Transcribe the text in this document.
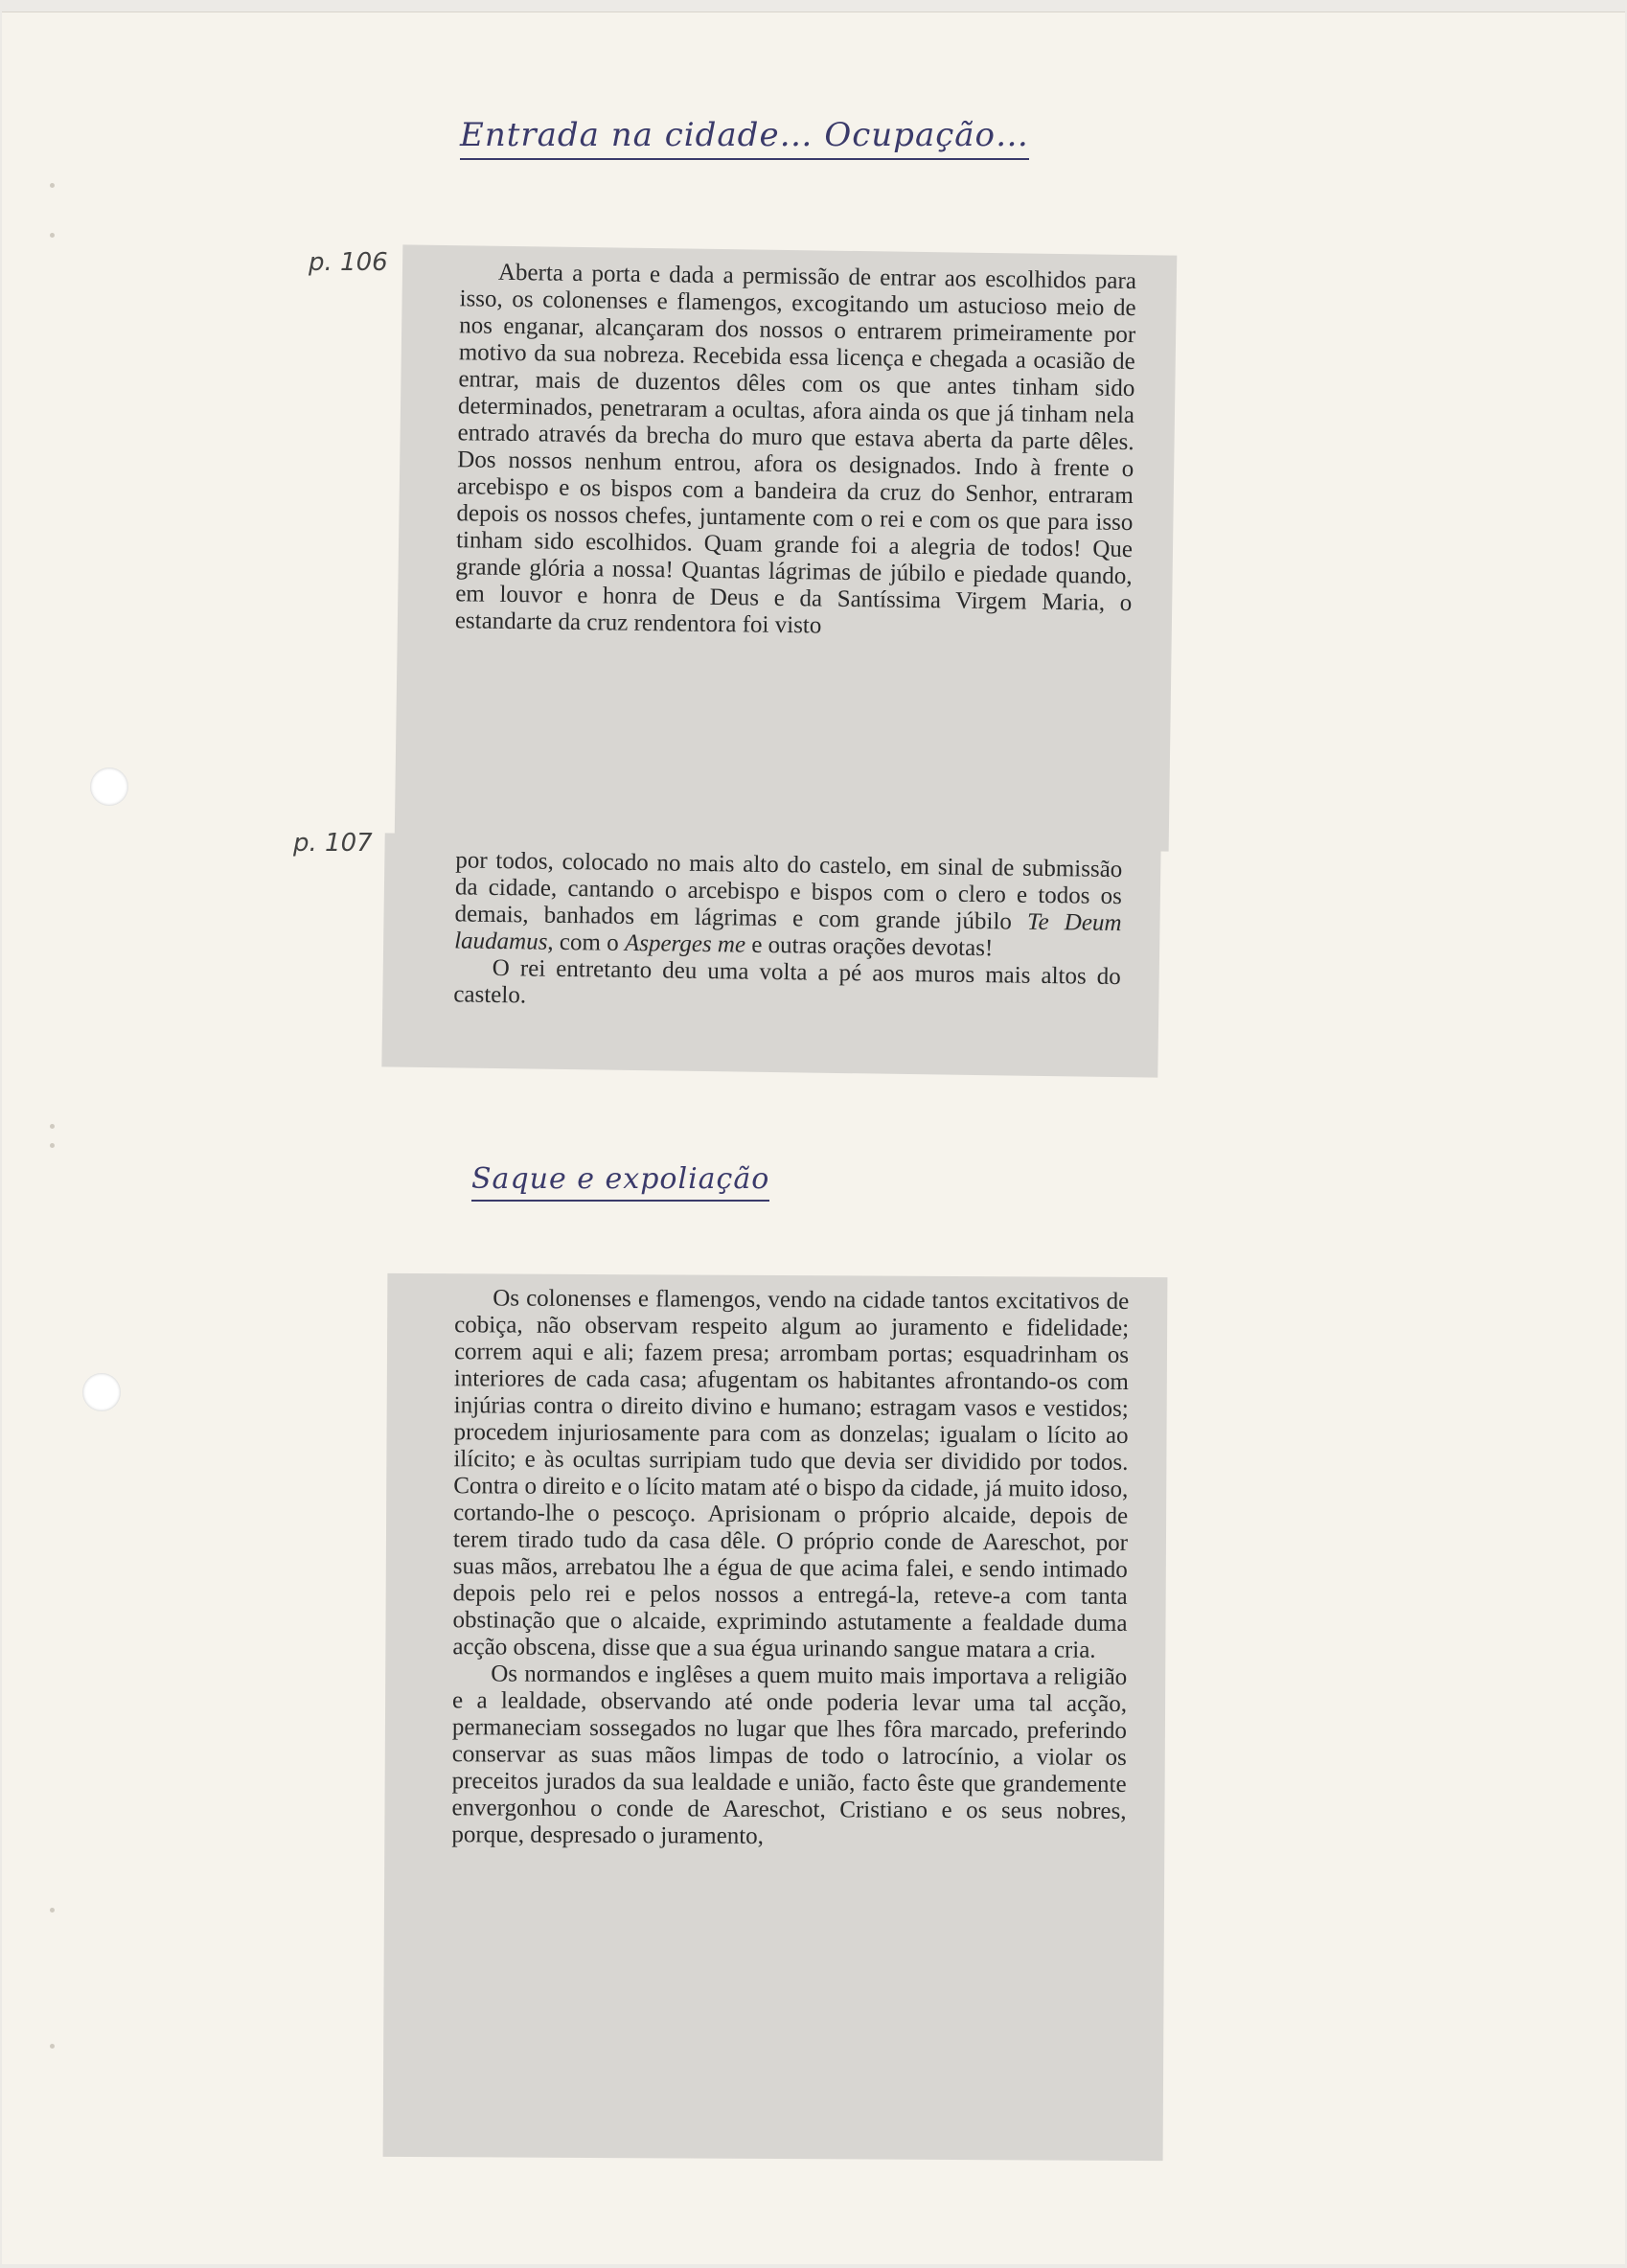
Entrada na cidade… Ocupação…
Saque e expoliação
p. 106
p. 107

Aberta a porta e dada a permissão de entrar aos escolhidos para isso, os colonenses e flamengos, excogitando um astucioso meio de nos enganar, alcançaram dos nossos o entrarem primeiramente por motivo da sua nobreza. Recebida essa licença e chegada a ocasião de entrar, mais de duzentos dêles com os que antes tinham sido determinados, penetraram a ocultas, afora ainda os que já tinham nela entrado através da brecha do muro que estava aberta da parte dêles. Dos nossos nenhum entrou, afora os designados. Indo à frente o arcebispo e os bispos com a bandeira da cruz do Senhor, entraram depois os nossos chefes, juntamente com o rei e com os que para isso tinham sido escolhidos. Quam grande foi a alegria de todos! Que grande glória a nossa! Quantas lágrimas de júbilo e piedade quando, em louvor e honra de Deus e da Santíssima Virgem Maria, o estandarte da cruz rendentora foi visto

por todos, colocado no mais alto do castelo, em sinal de submissão da cidade, cantando o arcebispo e bispos com o clero e todos os demais, banhados em lágrimas e com grande júbilo Te Deum laudamus, com o Asperges me e outras orações devotas!

O rei entretanto deu uma volta a pé aos muros mais altos do castelo.

Os colonenses e flamengos, vendo na cidade tantos excitativos de cobiça, não observam respeito algum ao juramento e fidelidade; correm aqui e ali; fazem presa; arrombam portas; esquadrinham os interiores de cada casa; afugentam os habitantes afrontando-os com injúrias contra o direito divino e humano; estragam vasos e vestidos; procedem injuriosamente para com as donzelas; igualam o lícito ao ilícito; e às ocultas surripiam tudo que devia ser dividido por todos. Contra o direito e o lícito matam até o bispo da cidade, já muito idoso, cortando-lhe o pescoço. Aprisionam o próprio alcaide, depois de terem tirado tudo da casa dêle. O próprio conde de Aareschot, por suas mãos, arrebatou lhe a égua de que acima falei, e sendo intimado depois pelo rei e pelos nossos a entregá-la, reteve-a com tanta obstinação que o alcaide, exprimindo astutamente a fealdade duma acção obscena, disse que a sua égua urinando sangue matara a cria.

Os normandos e inglêses a quem muito mais importava a religião e a lealdade, observando até onde poderia levar uma tal acção, permaneciam sossegados no lugar que lhes fôra marcado, preferindo conservar as suas mãos limpas de todo o latrocínio, a violar os preceitos jurados da sua lealdade e união, facto êste que grandemente envergonhou o conde de Aareschot, Cristiano e os seus nobres, porque, despresado o juramento,
